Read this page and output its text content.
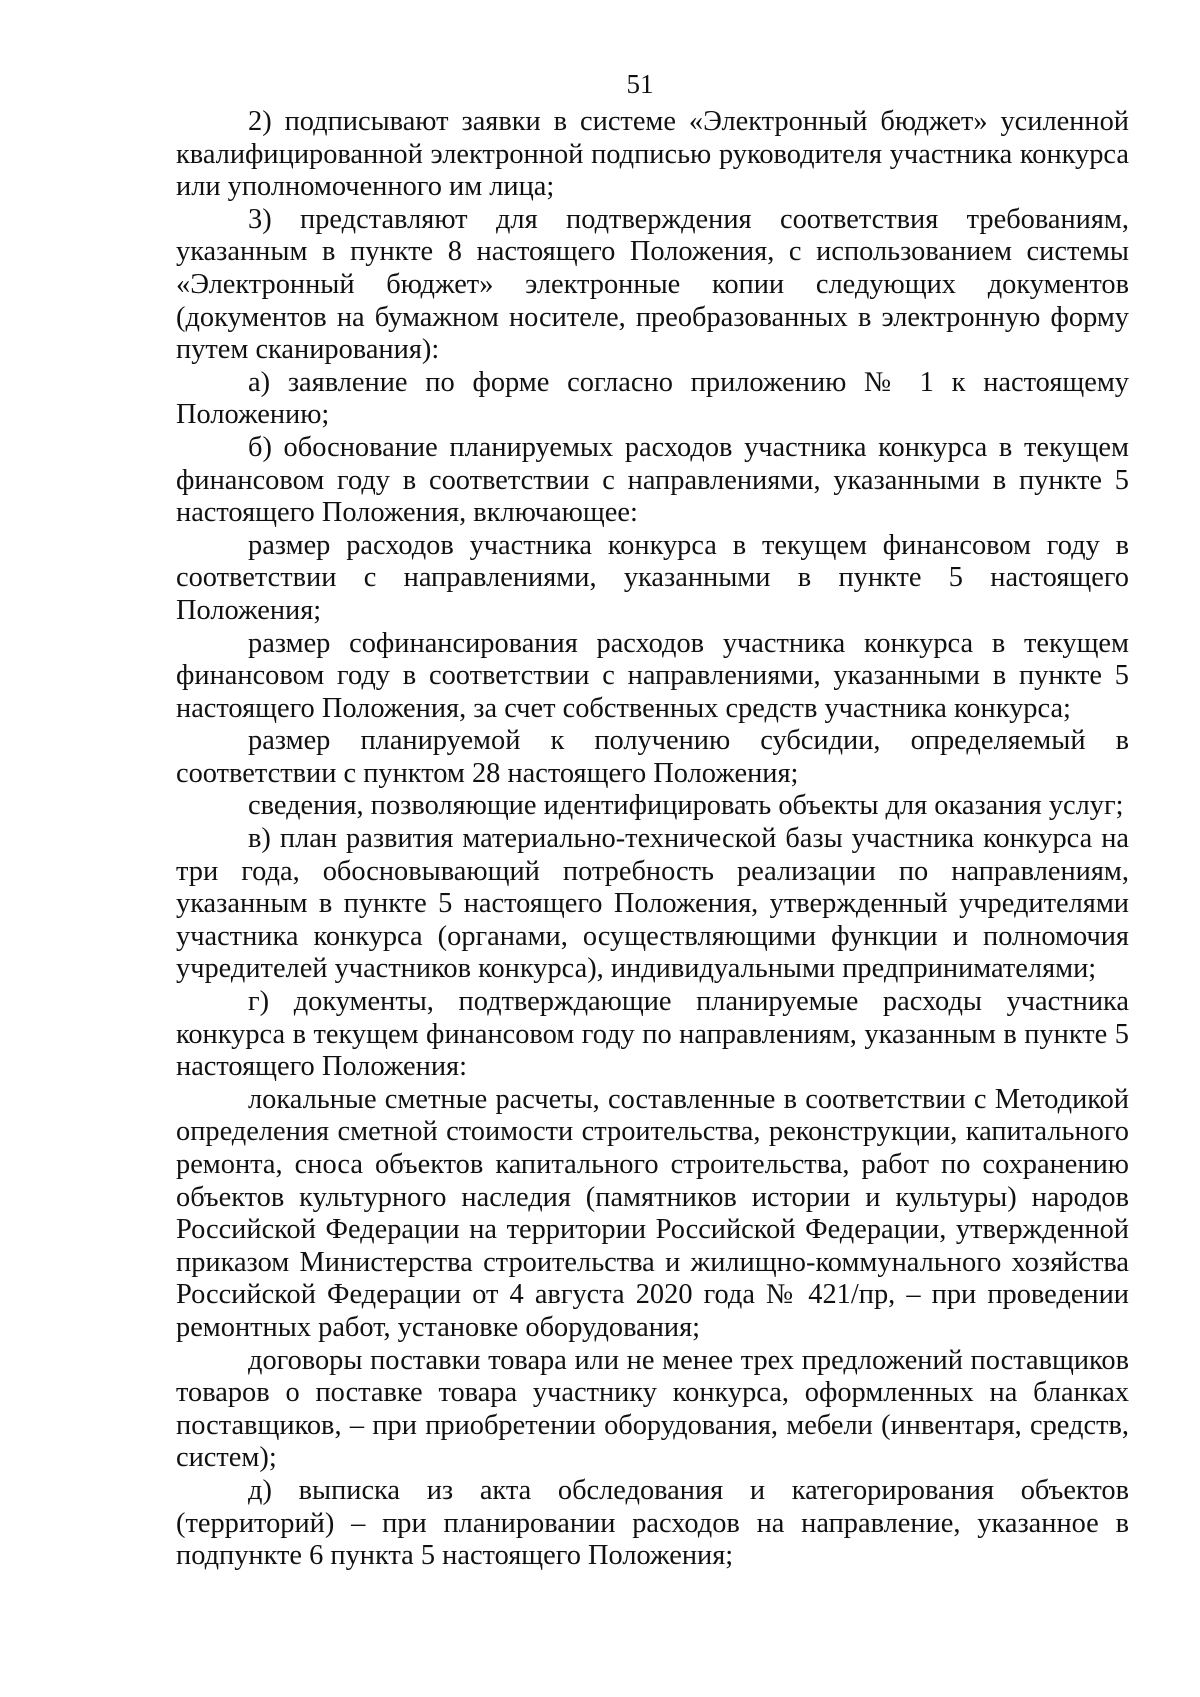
51

2) подписывают заявки в системе «Электронный бюджет» усиленной квалифицированной электронной подписью руководителя участника конкурса или уполномоченного им лица;

3) представляют для подтверждения соответствия требованиям, указанным в пункте 8 настоящего Положения, с использованием системы «Электронный бюджет» электронные копии следующих документов (документов на бумажном носителе, преобразованных в электронную форму путем сканирования):

а) заявление по форме согласно приложению № 1 к настоящему Положению;

б) обоснование планируемых расходов участника конкурса в текущем финансовом году в соответствии с направлениями, указанными в пункте 5 настоящего Положения, включающее:

размер расходов участника конкурса в текущем финансовом году в соответствии с направлениями, указанными в пункте 5 настоящего Положения;

размер софинансирования расходов участника конкурса в текущем финансовом году в соответствии с направлениями, указанными в пункте 5 настоящего Положения, за счет собственных средств участника конкурса;

размер планируемой к получению субсидии, определяемый в соответствии с пунктом 28 настоящего Положения;

сведения, позволяющие идентифицировать объекты для оказания услуг;

в) план развития материально-технической базы участника конкурса на три года, обосновывающий потребность реализации по направлениям, указанным в пункте 5 настоящего Положения, утвержденный учредителями участника конкурса (органами, осуществляющими функции и полномочия учредителей участников конкурса), индивидуальными предпринимателями;

г) документы, подтверждающие планируемые расходы участника конкурса в текущем финансовом году по направлениям, указанным в пункте 5 настоящего Положения:

локальные сметные расчеты, составленные в соответствии с Методикой определения сметной стоимости строительства, реконструкции, капитального ремонта, сноса объектов капитального строительства, работ по сохранению объектов культурного наследия (памятников истории и культуры) народов Российской Федерации на территории Российской Федерации, утвержденной приказом Министерства строительства и жилищно-коммунального хозяйства Российской Федерации от 4 августа 2020 года № 421/пр, – при проведении ремонтных работ, установке оборудования;

договоры поставки товара или не менее трех предложений поставщиков товаров о поставке товара участнику конкурса, оформленных на бланках поставщиков, – при приобретении оборудования, мебели (инвентаря, средств, систем);

д) выписка из акта обследования и категорирования объектов (территорий) – при планировании расходов на направление, указанное в подпункте 6 пункта 5 настоящего Положения;
